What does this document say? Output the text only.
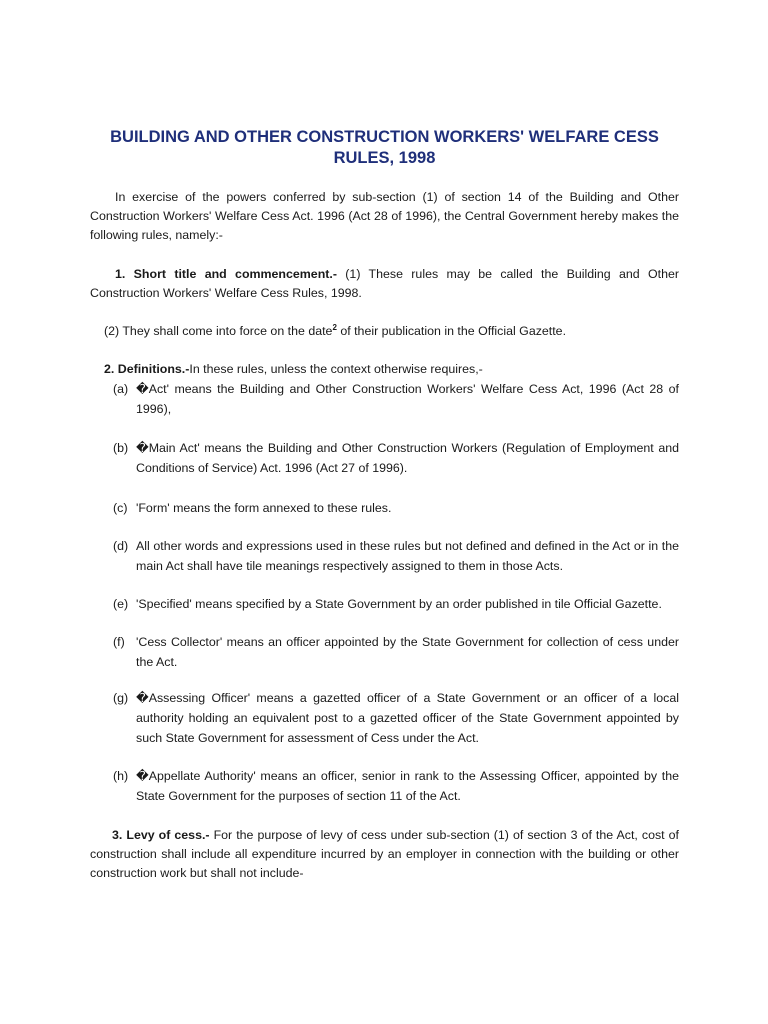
BUILDING AND OTHER CONSTRUCTION WORKERS' WELFARE CESS RULES, 1998

In exercise of the powers conferred by sub-section (1) of section 14 of the Building and Other Construction Workers' Welfare Cess Act. 1996 (Act 28 of 1996), the Central Government hereby makes the following rules, namely:-

1. Short title and commencement.- (1) These rules may be called the Building and Other Construction Workers' Welfare Cess Rules, 1998.

(2) They shall come into force on the date$^2$ of their publication in the Official Gazette.

2. Definitions.-In these rules, unless the context otherwise requires,-

(a) �Act' means the Building and Other Construction Workers' Welfare Cess Act, 1996 (Act 28 of 1996),
(b) �Main Act' means the Building and Other Construction Workers (Regulation of Employment and Conditions of Service) Act. 1996 (Act 27 of 1996).
(c) 'Form' means the form annexed to these rules.
(d) All other words and expressions used in these rules but not defined and defined in the Act or in the main Act shall have tile meanings respectively assigned to them in those Acts.
(e) 'Specified' means specified by a State Government by an order published in tile Official Gazette.
(f) 'Cess Collector' means an officer appointed by the State Government for collection of cess under the Act.
(g) �Assessing Officer' means a gazetted officer of a State Government or an officer of a local authority holding an equivalent post to a gazetted officer of the State Government appointed by such State Government for assessment of Cess under the Act.
(h) �Appellate Authority' means an officer, senior in rank to the Assessing Officer, appointed by the State Government for the purposes of section 11 of the Act.

3. Levy of cess.- For the purpose of levy of cess under sub-section (1) of section 3 of the Act, cost of construction shall include all expenditure incurred by an employer in connection with the building or other construction work but shall not include-
